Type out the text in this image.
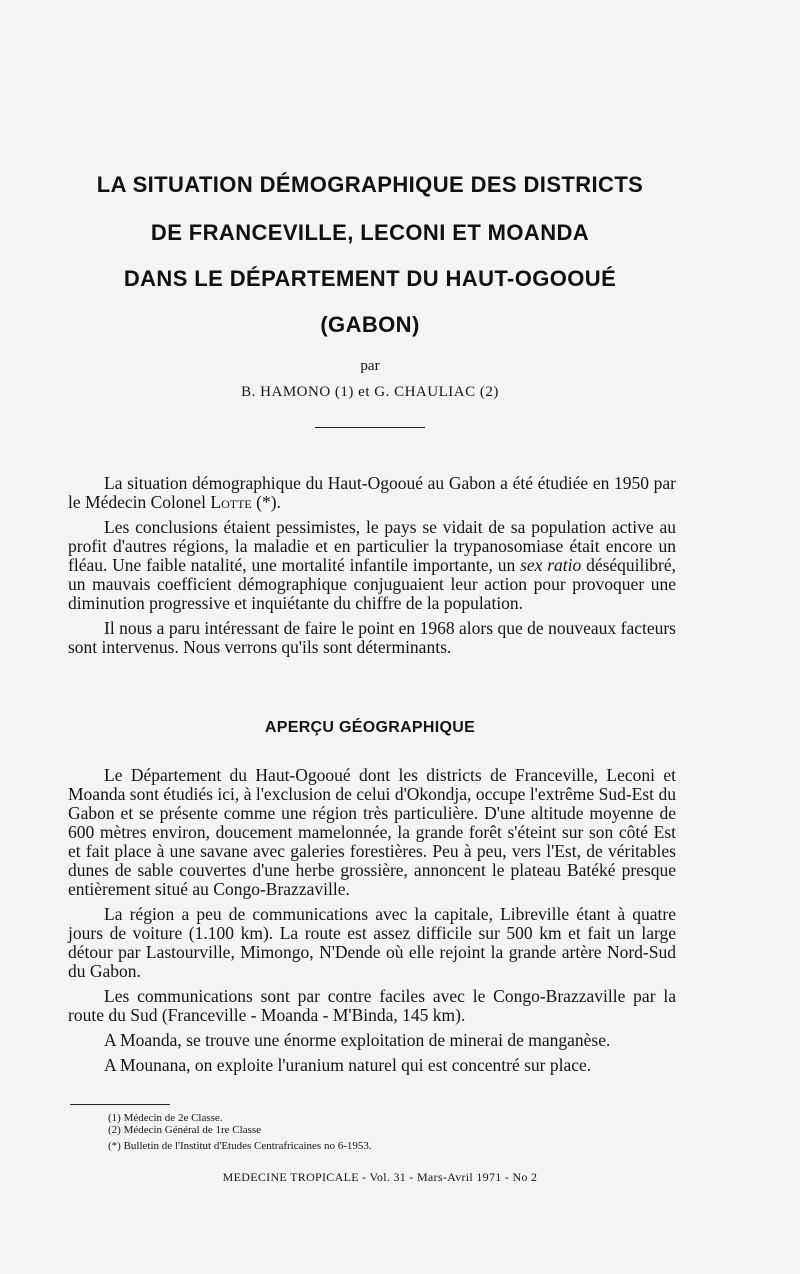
LA SITUATION DÉMOGRAPHIQUE DES DISTRICTS
DE FRANCEVILLE, LECONI ET MOANDA
DANS LE DÉPARTEMENT DU HAUT-OGOOUÉ
(GABON)
par
B. HAMONO (1) et G. CHAULIAC (2)

La situation démographique du Haut-Ogooué au Gabon a été étudiée en 1950 par le Médecin Colonel Lotte (*).

Les conclusions étaient pessimistes, le pays se vidait de sa population active au profit d'autres régions, la maladie et en particulier la trypanosomiase était encore un fléau. Une faible natalité, une mortalité infantile importante, un sex ratio déséquilibré, un mauvais coefficient démographique conjuguaient leur action pour provoquer une diminution progressive et inquiétante du chiffre de la population.

Il nous a paru intéressant de faire le point en 1968 alors que de nouveaux facteurs sont intervenus. Nous verrons qu'ils sont déterminants.

APERÇU GÉOGRAPHIQUE

Le Département du Haut-Ogooué dont les districts de Franceville, Leconi et Moanda sont étudiés ici, à l'exclusion de celui d'Okondja, occupe l'extrême Sud-Est du Gabon et se présente comme une région très particulière. D'une altitude moyenne de 600 mètres environ, doucement mamelonnée, la grande forêt s'éteint sur son côté Est et fait place à une savane avec galeries forestières. Peu à peu, vers l'Est, de véritables dunes de sable couvertes d'une herbe grossière, annoncent le plateau Batéké presque entièrement situé au Congo-Brazzaville.

La région a peu de communications avec la capitale, Libreville étant à quatre jours de voiture (1.100 km). La route est assez difficile sur 500 km et fait un large détour par Lastourville, Mimongo, N'Dende où elle rejoint la grande artère Nord-Sud du Gabon.

Les communications sont par contre faciles avec le Congo-Brazzaville par la route du Sud (Franceville - Moanda - M'Binda, 145 km).

A Moanda, se trouve une énorme exploitation de minerai de manganèse.

A Mounana, on exploite l'uranium naturel qui est concentré sur place.

(1) Médecin de 2e Classe.
(2) Médecin Général de 1re Classe
(*) Bulletin de l'Institut d'Etudes Centrafricaines no 6-1953.
MEDECINE TROPICALE - Vol. 31 - Mars-Avril 1971 - No 2
